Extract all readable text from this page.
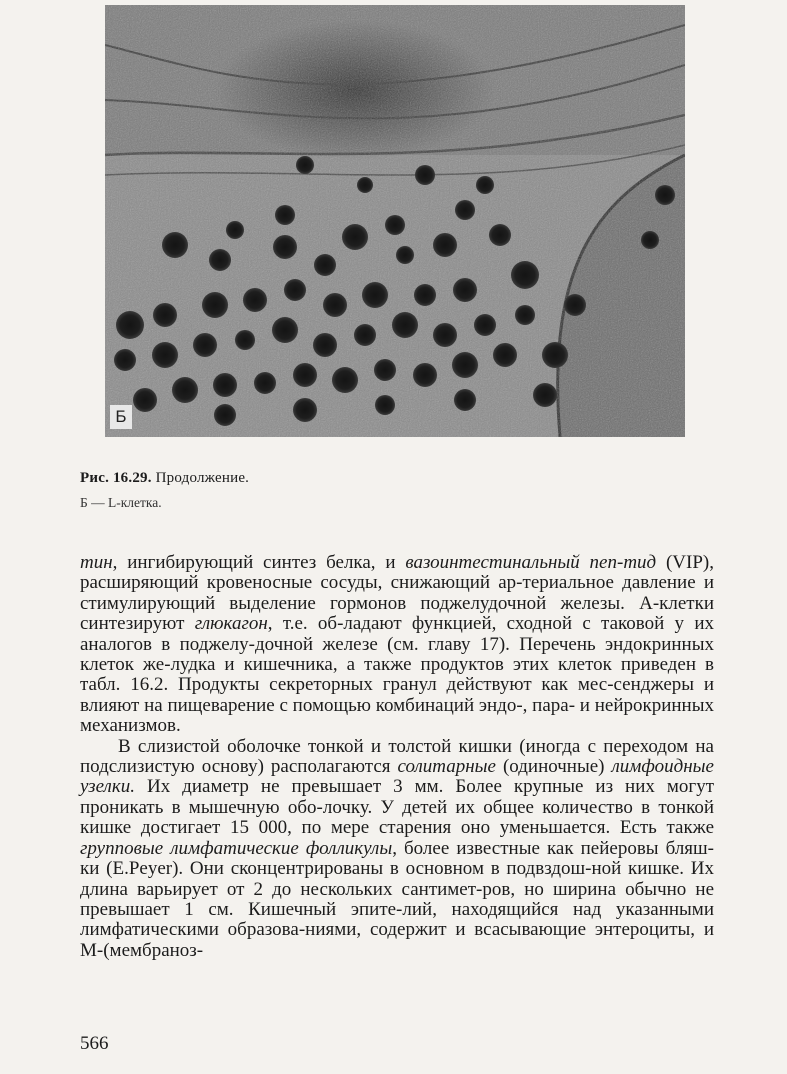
Б
Рис. 16.29. Продолжение.
Б — L-клетка.

тин, ингибирующий синтез белка, и вазоинтестинальный пеп-тид (VIP), расширяющий кровеносные сосуды, снижающий ар-териальное давление и стимулирующий выделение гормонов поджелудочной железы. А-клетки синтезируют глюкагон, т.е. об-ладают функцией, сходной с таковой у их аналогов в поджелу-дочной железе (см. главу 17). Перечень эндокринных клеток же-лудка и кишечника, а также продуктов этих клеток приведен в табл. 16.2. Продукты секреторных гранул действуют как мес-сенджеры и влияют на пищеварение с помощью комбинаций эндо-, пара- и нейрокринных механизмов.

В слизистой оболочке тонкой и толстой кишки (иногда с переходом на подслизистую основу) располагаются солитарные (одиночные) лимфоидные узелки. Их диаметр не превышает 3 мм. Более крупные из них могут проникать в мышечную обо-лочку. У детей их общее количество в тонкой кишке достигает 15 000, по мере старения оно уменьшается. Есть также групповые лимфатические фолликулы, более известные как пейеровы бляш-ки (E.Peyer). Они сконцентрированы в основном в подвздош-ной кишке. Их длина варьирует от 2 до нескольких сантимет-ров, но ширина обычно не превышает 1 см. Кишечный эпите-лий, находящийся над указанными лимфатическими образова-ниями, содержит и всасывающие энтероциты, и М-(мембраноз-

566
